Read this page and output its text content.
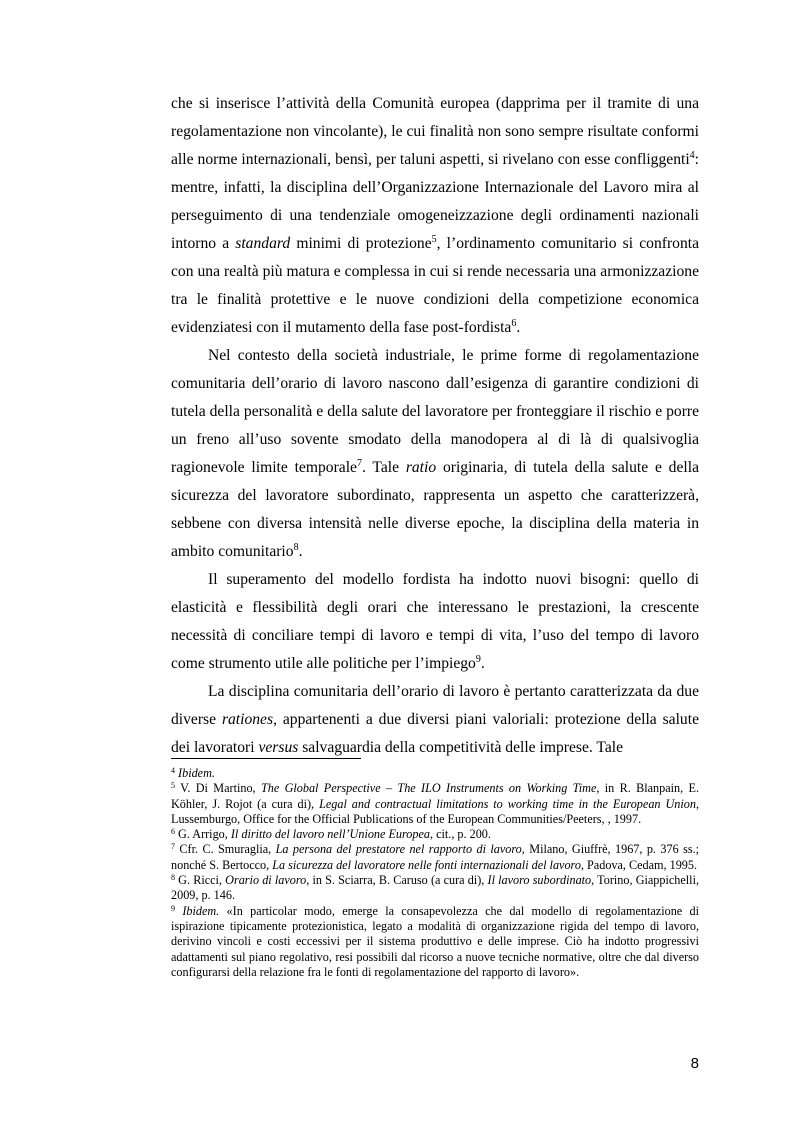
che si inserisce l’attività della Comunità europea (dapprima per il tramite di una regolamentazione non vincolante), le cui finalità non sono sempre risultate conformi alle norme internazionali, bensì, per taluni aspetti, si rivelano con esse confliggenti$^4$: mentre, infatti, la disciplina dell’Organizzazione Internazionale del Lavoro mira al perseguimento di una tendenziale omogeneizzazione degli ordinamenti nazionali intorno a standard minimi di protezione$^5$, l’ordinamento comunitario si confronta con una realtà più matura e complessa in cui si rende necessaria una armonizzazione tra le finalità protettive e le nuove condizioni della competizione economica evidenziatesi con il mutamento della fase post-fordista$^6$.

Nel contesto della società industriale, le prime forme di regolamentazione comunitaria dell’orario di lavoro nascono dall’esigenza di garantire condizioni di tutela della personalità e della salute del lavoratore per fronteggiare il rischio e porre un freno all’uso sovente smodato della manodopera al di là di qualsivoglia ragionevole limite temporale$^7$. Tale ratio originaria, di tutela della salute e della sicurezza del lavoratore subordinato, rappresenta un aspetto che caratterizzerà, sebbene con diversa intensità nelle diverse epoche, la disciplina della materia in ambito comunitario$^8$.

Il superamento del modello fordista ha indotto nuovi bisogni: quello di elasticità e flessibilità degli orari che interessano le prestazioni, la crescente necessità di conciliare tempi di lavoro e tempi di vita, l’uso del tempo di lavoro come strumento utile alle politiche per l’impiego$^9$.

La disciplina comunitaria dell’orario di lavoro è pertanto caratterizzata da due diverse rationes, appartenenti a due diversi piani valoriali: protezione della salute dei lavoratori versus salvaguardia della competitività delle imprese. Tale

$^4$ Ibidem.

$^5$ V. Di Martino, The Global Perspective – The ILO Instruments on Working Time, in R. Blanpain, E. Köhler, J. Rojot (a cura di), Legal and contractual limitations to working time in the European Union, Lussemburgo, Office for the Official Publications of the European Communities/Peeters, , 1997.

$^6$ G. Arrigo, Il diritto del lavoro nell’Unione Europea, cit., p. 200.

$^7$ Cfr. C. Smuraglia, La persona del prestatore nel rapporto di lavoro, Milano, Giuffrè, 1967, p. 376 ss.; nonché S. Bertocco, La sicurezza del lavoratore nelle fonti internazionali del lavoro, Padova, Cedam, 1995.

$^8$ G. Ricci, Orario di lavoro, in S. Sciarra, B. Caruso (a cura di), Il lavoro subordinato, Torino, Giappichelli, 2009, p. 146.

$^9$ Ibidem. «In particolar modo, emerge la consapevolezza che dal modello di regolamentazione di ispirazione tipicamente protezionistica, legato a modalità di organizzazione rigida del tempo di lavoro, derivino vincoli e costi eccessivi per il sistema produttivo e delle imprese. Ciò ha indotto progressivi adattamenti sul piano regolativo, resi possibili dal ricorso a nuove tecniche normative, oltre che dal diverso configurarsi della relazione fra le fonti di regolamentazione del rapporto di lavoro».

8
